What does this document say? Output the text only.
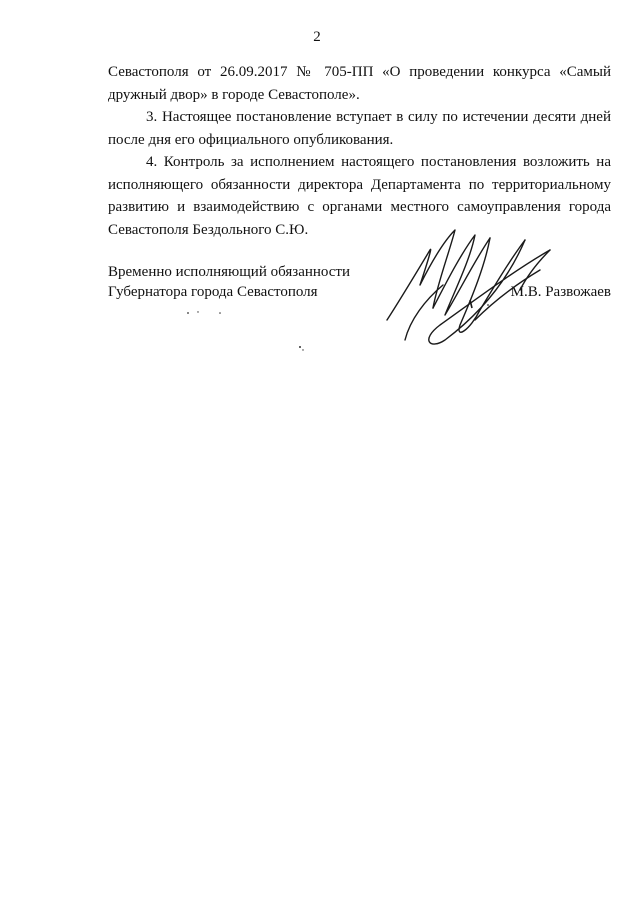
2

Севастополя от 26.09.2017 № 705-ПП «О проведении конкурса «Самый дружный двор» в городе Севастополе».

3. Настоящее постановление вступает в силу по истечении десяти дней после дня его официального опубликования.

4. Контроль за исполнением настоящего постановления возложить на исполняющего обязанности директора Департамента по территориальному развитию и взаимодействию с органами местного самоуправления города Севастополя Бездольного С.Ю.

Временно исполняющий обязанности
Губернатора города Севастополя	М.В. Развожаев
